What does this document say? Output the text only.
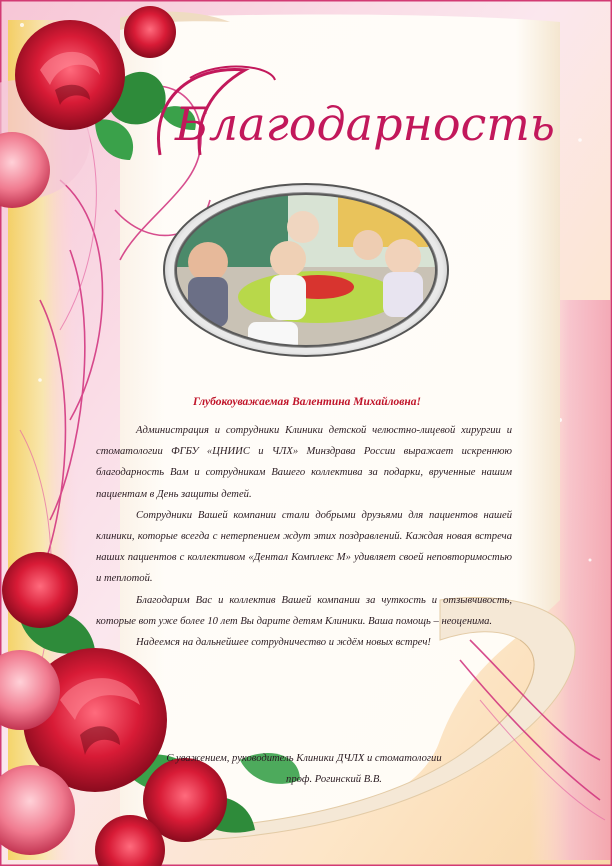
Благодарность
Глубокоуважаемая Валентина Михайловна!

Администрация и сотрудники Клиники детской челюстно-лицевой хирургии и стоматологии ФГБУ «ЦНИИС и ЧЛХ» Минздрава России выражает искреннюю благодарность Вам и сотрудникам Вашего коллектива за подарки, врученные нашим пациентам в День защиты детей.

Сотрудники Вашей компании стали добрыми друзьями для пациентов нашей клиники, которые всегда с нетерпением ждут этих поздравлений. Каждая новая встреча наших пациентов с коллективом «Дентал Комплекс М» удивляет своей неповторимостью и теплотой.

Благодарим Вас и коллектив Вашей компании за чуткость и отзывчивость, которые вот уже более 10 лет Вы дарите детям Клиники. Ваша помощь – неоценима.

Надеемся на дальнейшее сотрудничество и ждём новых встреч!

С уважением, руководитель Клиники ДЧЛХ и стоматологии
проф. Рогинский В.В.
